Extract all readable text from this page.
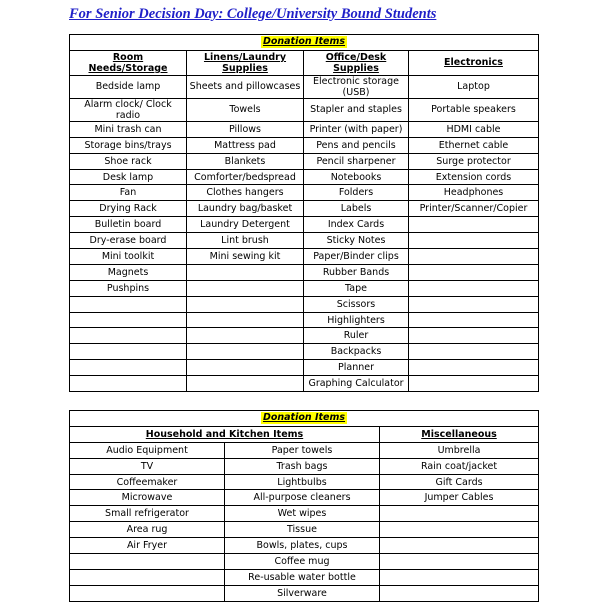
For Senior Decision Day: College/University Bound Students
Donation Items			
Room Needs/Storage	Linens/Laundry Supplies	Office/Desk Supplies	Electronics
Bedside lamp	Sheets and pillowcases	Electronic storage (USB)	Laptop
Alarm clock/ Clock radio	Towels	Stapler and staples	Portable speakers
Mini trash can	Pillows	Printer (with paper)	HDMI cable
Storage bins/trays	Mattress pad	Pens and pencils	Ethernet cable
Shoe rack	Blankets	Pencil sharpener	Surge protector
Desk lamp	Comforter/bedspread	Notebooks	Extension cords
Fan	Clothes hangers	Folders	Headphones
Drying Rack	Laundry bag/basket	Labels	Printer/Scanner/Copier
Bulletin board	Laundry Detergent	Index Cards	
Dry-erase board	Lint brush	Sticky Notes	
Mini toolkit	Mini sewing kit	Paper/Binder clips	
Magnets		Rubber Bands	
Pushpins		Tape	
		Scissors	
		Highlighters	
		Ruler	
		Backpacks	
		Planner	
		Graphing Calculator	
Donation Items		
Household and Kitchen Items		Miscellaneous
Audio Equipment	Paper towels	Umbrella
TV	Trash bags	Rain coat/jacket
Coffeemaker	Lightbulbs	Gift Cards
Microwave	All-purpose cleaners	Jumper Cables
Small refrigerator	Wet wipes	
Area rug	Tissue	
Air Fryer	Bowls, plates, cups	
	Coffee mug	
	Re-usable water bottle	
	Silverware	
